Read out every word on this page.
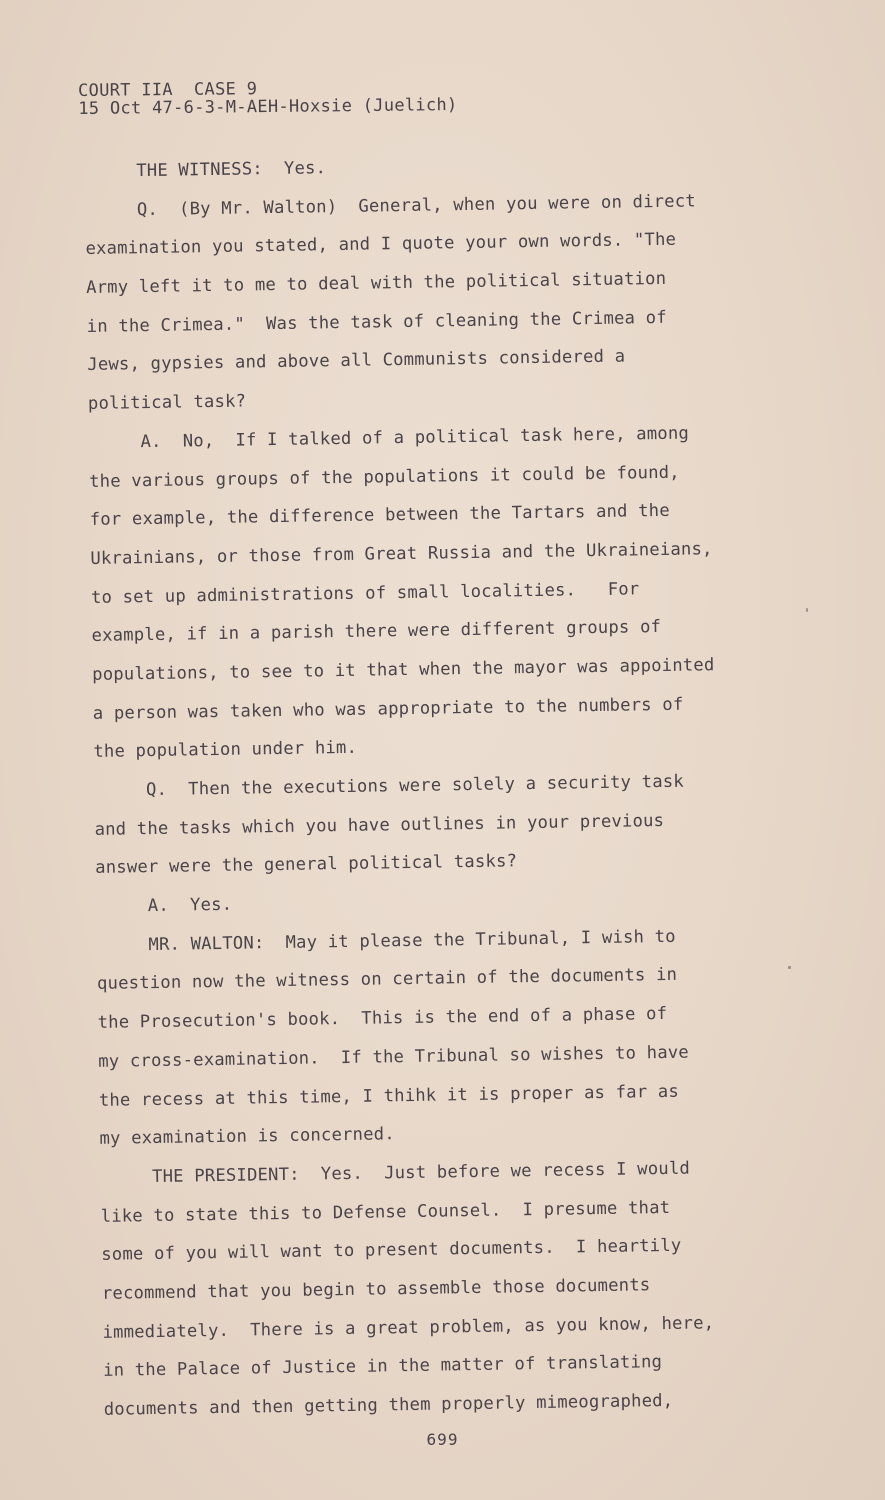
COURT IIA  CASE 9
15 Oct 47-6-3-M-AEH-Hoxsie (Juelich)
THE WITNESS:  Yes.
Q.  (By Mr. Walton)  General, when you were on direct
examination you stated, and I quote your own words. "The
Army left it to me to deal with the political situation
in the Crimea."  Was the task of cleaning the Crimea of
Jews, gypsies and above all Communists considered a
political task?
A.  No,  If I talked of a political task here, among
the various groups of the populations it could be found,
for example, the difference between the Tartars and the
Ukrainians, or those from Great Russia and the Ukraineians,
to set up administrations of small localities.   For
example, if in a parish there were different groups of
populations, to see to it that when the mayor was appointed
a person was taken who was appropriate to the numbers of
the population under him.
Q.  Then the executions were solely a security task
and the tasks which you have outlines in your previous
answer were the general political tasks?
A.  Yes.
MR. WALTON:  May it please the Tribunal, I wish to
question now the witness on certain of the documents in
the Prosecution's book.  This is the end of a phase of
my cross-examination.  If the Tribunal so wishes to have
the recess at this time, I thihk it is proper as far as
my examination is concerned.
THE PRESIDENT:  Yes.  Just before we recess I would
like to state this to Defense Counsel.  I presume that
some of you will want to present documents.  I heartily
recommend that you begin to assemble those documents
immediately.  There is a great problem, as you know, here,
in the Palace of Justice in the matter of translating
documents and then getting them properly mimeographed,
699
